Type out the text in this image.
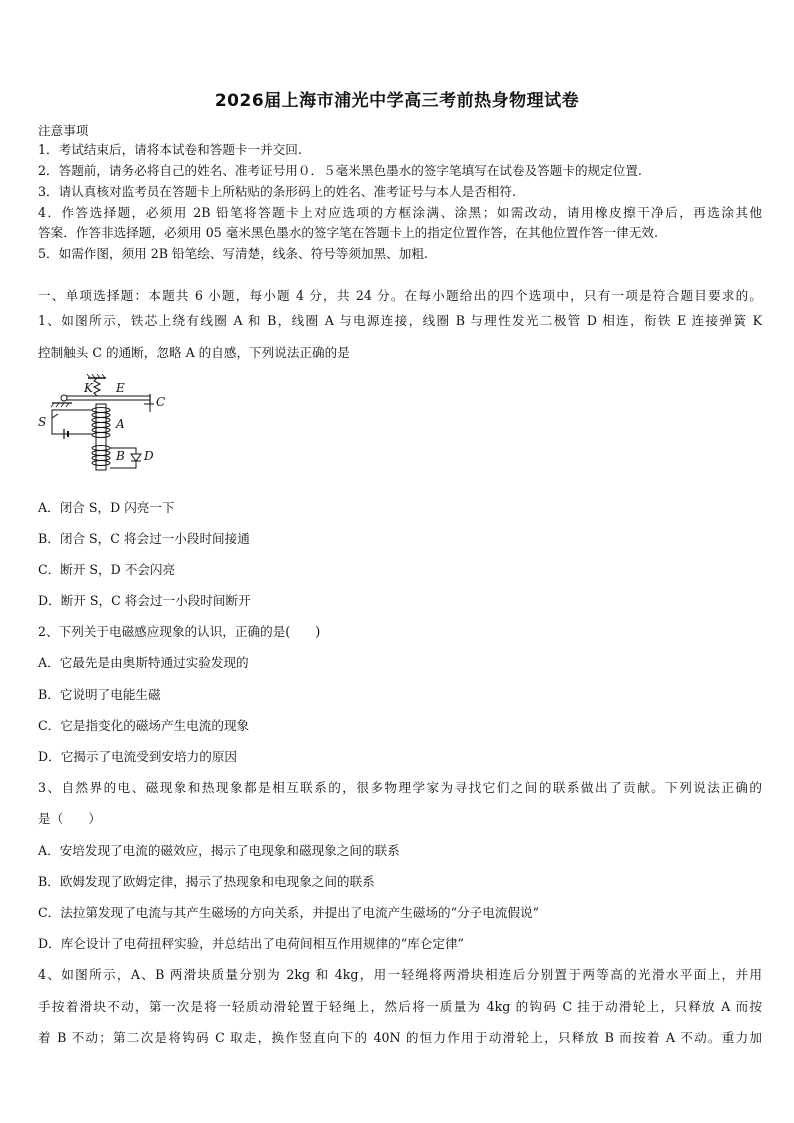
2026届上海市浦光中学高三考前热身物理试卷
注意事项
1．考试结束后，请将本试卷和答题卡一并交回.
2．答题前，请务必将自己的姓名、准考证号用０．５毫米黑色墨水的签字笔填写在试卷及答题卡的规定位置.
3．请认真核对监考员在答题卡上所粘贴的条形码上的姓名、准考证号与本人是否相符.
4．作答选择题，必须用 2B 铅笔将答题卡上对应选项的方框涂满、涂黑；如需改动，请用橡皮擦干净后，再选涂其他
答案．作答非选择题，必须用 05 毫米黑色墨水的签字笔在答题卡上的指定位置作答，在其他位置作答一律无效.
5．如需作图，须用 2B 铅笔绘、写清楚，线条、符号等须加黑、加粗.
一、单项选择题：本题共 6 小题，每小题 4 分，共 24 分。在每小题给出的四个选项中，只有一项是符合题目要求的。
1、如图所示，铁芯上绕有线圈 A 和 B，线圈 A 与电源连接，线圈 B 与理性发光二极管 D 相连，衔铁 E 连接弹簧 K
控制触头 C 的通断，忽略 A 的自感，下列说法正确的是
K E
C
S	A
B D
A．闭合 S，D 闪亮一下
B．闭合 S，C 将会过一小段时间接通
C．断开 S，D 不会闪亮
D．断开 S，C 将会过一小段时间断开
2、下列关于电磁感应现象的认识，正确的是(　　)
A．它最先是由奥斯特通过实验发现的
B．它说明了电能生磁
C．它是指变化的磁场产生电流的现象
D．它揭示了电流受到安培力的原因
3、自然界的电、磁现象和热现象都是相互联系的，很多物理学家为寻找它们之间的联系做出了贡献。下列说法正确的
是（　　）
A．安培发现了电流的磁效应，揭示了电现象和磁现象之间的联系
B．欧姆发现了欧姆定律，揭示了热现象和电现象之间的联系
C．法拉第发现了电流与其产生磁场的方向关系，并提出了电流产生磁场的“分子电流假说”
D．库仑设计了电荷扭秤实验，并总结出了电荷间相互作用规律的“库仑定律”
4、如图所示，A、B 两滑块质量分别为 2kg 和 4kg，用一轻绳将两滑块相连后分别置于两等高的光滑水平面上，并用
手按着滑块不动，第一次是将一轻质动滑轮置于轻绳上，然后将一质量为 4kg 的钩码 C 挂于动滑轮上，只释放 A 而按
着 B 不动；第二次是将钩码 C 取走，换作竖直向下的 40N 的恒力作用于动滑轮上，只释放 B 而按着 A 不动。重力加
